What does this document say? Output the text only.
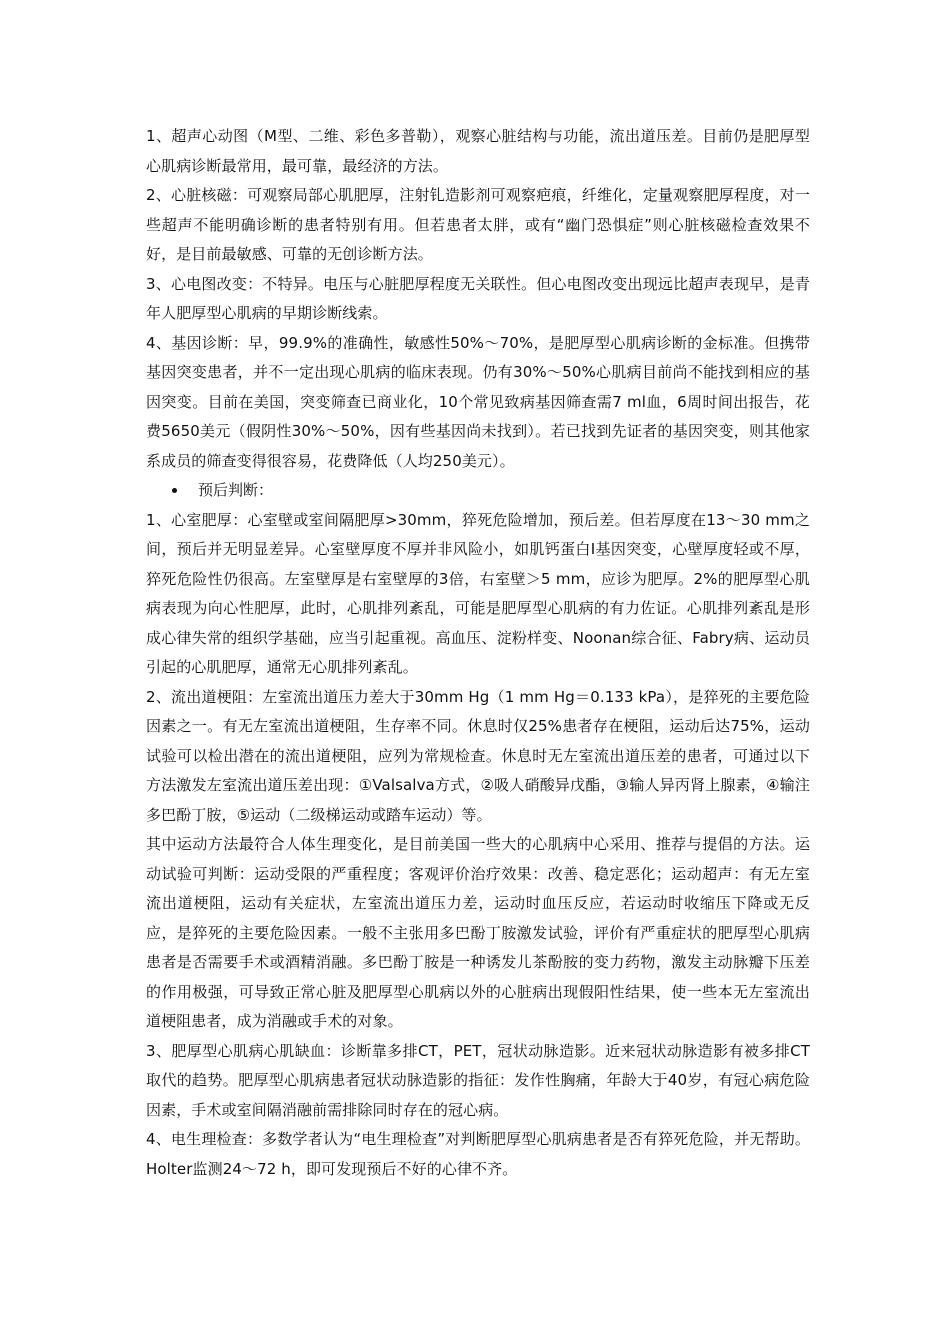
1、超声心动图（M型、二维、彩色多普勒），观察心脏结构与功能，流出道压差。目前仍是肥厚型心肌病诊断最常用，最可靠，最经济的方法。

2、心脏核磁：可观察局部心肌肥厚，注射钆造影剂可观察疤痕，纤维化，定量观察肥厚程度，对一些超声不能明确诊断的患者特别有用。但若患者太胖，或有“幽门恐惧症”则心脏核磁检查效果不好，是目前最敏感、可靠的无创诊断方法。

3、心电图改变：不特异。电压与心脏肥厚程度无关联性。但心电图改变出现远比超声表现早，是青年人肥厚型心肌病的早期诊断线索。

4、基因诊断：早，99.9%的准确性，敏感性50%～70%，是肥厚型心肌病诊断的金标准。但携带基因突变患者，并不一定出现心肌病的临床表现。仍有30%～50%心肌病目前尚不能找到相应的基因突变。目前在美国，突变筛查已商业化，10个常见致病基因筛查需7 ml血，6周时间出报告，花费5650美元（假阴性30%～50%，因有些基因尚未找到）。若已找到先证者的基因突变，则其他家系成员的筛查变得很容易，花费降低（人均250美元）。

预后判断：

1、心室肥厚：心室壁或室间隔肥厚>30mm，猝死危险增加，预后差。但若厚度在13～30 mm之间，预后并无明显差异。心室壁厚度不厚并非风险小，如肌钙蛋白I基因突变，心壁厚度轻或不厚，猝死危险性仍很高。左室壁厚是右室壁厚的3倍，右室壁＞5 mm，应诊为肥厚。2%的肥厚型心肌病表现为向心性肥厚，此时，心肌排列紊乱，可能是肥厚型心肌病的有力佐证。心肌排列紊乱是形成心律失常的组织学基础，应当引起重视。高血压、淀粉样变、Noonan综合征、Fabry病、运动员引起的心肌肥厚，通常无心肌排列紊乱。

2、流出道梗阻：左室流出道压力差大于30mm Hg（1 mm Hg＝0.133 kPa），是猝死的主要危险因素之一。有无左室流出道梗阻，生存率不同。休息时仅25%患者存在梗阻，运动后达75%，运动试验可以检出潜在的流出道梗阻，应列为常规检查。休息时无左室流出道压差的患者，可通过以下方法激发左室流出道压差出现：①Valsalva方式，②吸人硝酸异戊酯，③输人异丙肾上腺素，④输注多巴酚丁胺，⑤运动（二级梯运动或踏车运动）等。

其中运动方法最符合人体生理变化，是目前美国一些大的心肌病中心采用、推荐与提倡的方法。运动试验可判断：运动受限的严重程度；客观评价治疗效果：改善、稳定恶化；运动超声：有无左室流出道梗阻，运动有关症状，左室流出道压力差，运动时血压反应，若运动时收缩压下降或无反应，是猝死的主要危险因素。一般不主张用多巴酚丁胺激发试验，评价有严重症状的肥厚型心肌病患者是否需要手术或酒精消融。多巴酚丁胺是一种诱发儿茶酚胺的变力药物，激发主动脉瓣下压差的作用极强，可导致正常心脏及肥厚型心肌病以外的心脏病出现假阳性结果，使一些本无左室流出道梗阻患者，成为消融或手术的对象。

3、肥厚型心肌病心肌缺血：诊断靠多排CT，PET，冠状动脉造影。近来冠状动脉造影有被多排CT取代的趋势。肥厚型心肌病患者冠状动脉造影的指征：发作性胸痛，年龄大于40岁，有冠心病危险因素，手术或室间隔消融前需排除同时存在的冠心病。

4、电生理检查：多数学者认为“电生理检查”对判断肥厚型心肌病患者是否有猝死危险，并无帮助。Holter监测24～72 h，即可发现预后不好的心律不齐。
